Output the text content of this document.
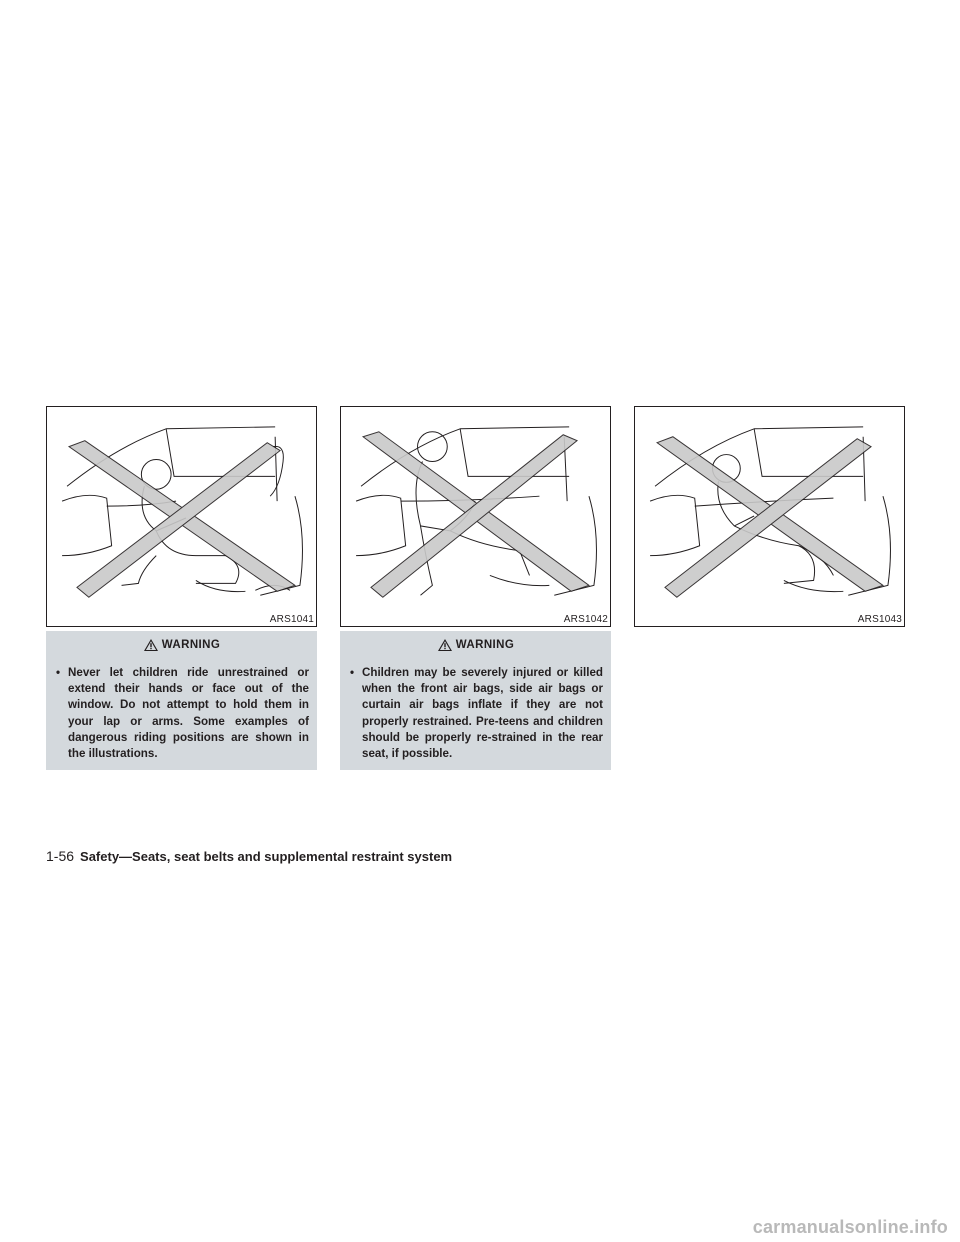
ARS1041	ARS1042	ARS1043
WARNING
• Never let children ride unrestrained or extend their hands or face out of the window. Do not attempt to hold them in your lap or arms. Some examples of dangerous riding positions are shown in the illustrations.
WARNING
• Children may be severely injured or killed when the front air bags, side air bags or curtain air bags inflate if they are not properly restrained. Pre-teens and children should be properly re-strained in the rear seat, if possible.
1-56 Safety—Seats, seat belts and supplemental restraint system
carmanualsonline.info
